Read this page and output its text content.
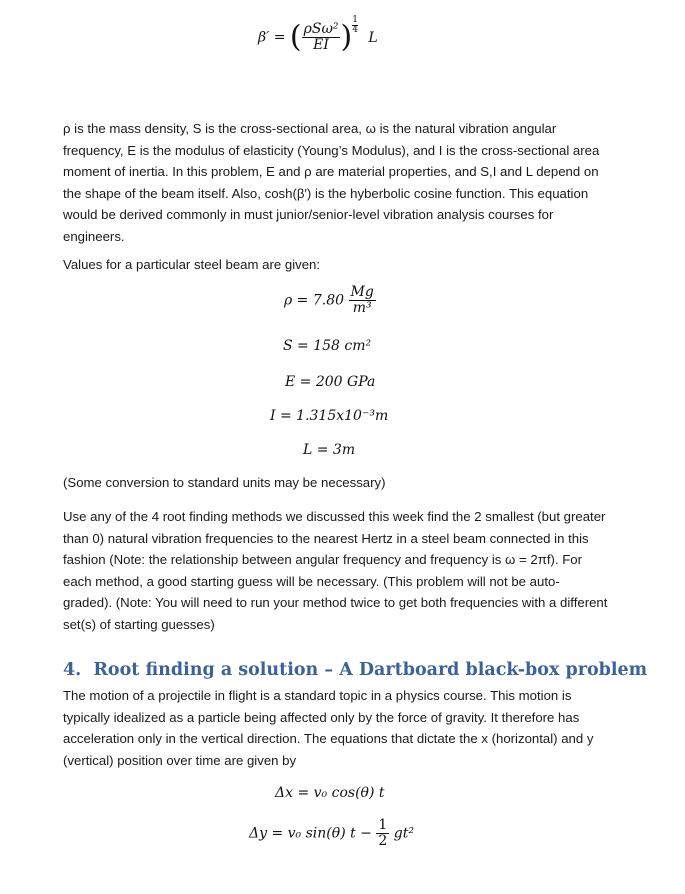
β′ = ( $\frac{\text{ρSω²}}{EI}$ ) $\frac{1}{4}$
L
ρ is the mass density, S is the cross-sectional area, ω is the natural vibration angular frequency, E is the modulus of elasticity (Young’s Modulus), and I is the cross-sectional area moment of inertia. In this problem, E and ρ are material properties, and S,I and L depend on the shape of the beam itself. Also, cosh(β′) is the hyberbolic cosine function. This equation would be derived commonly in must junior/senior-level vibration analysis courses for engineers.
Values for a particular steel beam are given:
$\rho = 7.80 \frac{Mg}{\text{m³}}$
S = 158 cm²
E = 200 GPa
I = 1.315x10⁻³m
L = 3m
(Some conversion to standard units may be necessary)
Use any of the 4 root finding methods we discussed this week find the 2 smallest (but greater than 0) natural vibration frequencies to the nearest Hertz in a steel beam connected in this fashion (Note: the relationship between angular frequency and frequency is ω = 2πf). For each method, a good starting guess will be necessary. (This problem will not be auto-graded). (Note: You will need to run your method twice to get both frequencies with a different set(s) of starting guesses)
4. Root finding a solution – A Dartboard black-box problem
The motion of a projectile in flight is a standard topic in a physics course. This motion is typically idealized as a particle being affected only by the force of gravity. It therefore has acceleration only in the vertical direction. The equations that dictate the x (horizontal) and y (vertical) position over time are given by
Δx = v₀ cos(θ) t
Δy = v₀ sin(θ) $t - \frac{1}{2} gt^2$
